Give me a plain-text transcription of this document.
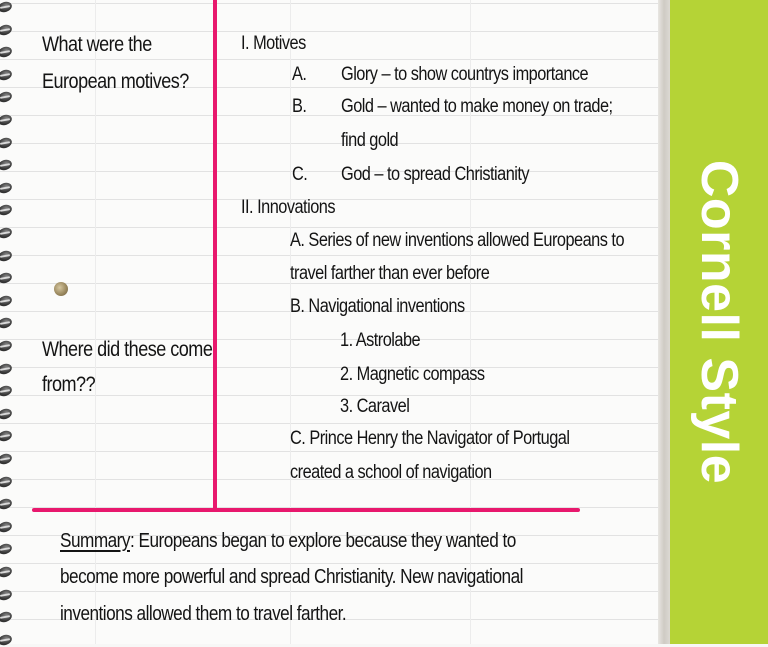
What were the
European motives?
Where did these come
from??
I. Motives
A. Glory – to show countrys importance
B. Gold – wanted to make money on trade;
find gold
C. God – to spread Christianity
II. Innovations
A. Series of new inventions allowed Europeans to
travel farther than ever before
B. Navigational inventions
1. Astrolabe
2. Magnetic compass
3. Caravel
C. Prince Henry the Navigator of Portugal
created a school of navigation
Summary: Europeans began to explore because they wanted to
become more powerful and spread Christianity. New navigational
inventions allowed them to travel farther.
Cornell Style
